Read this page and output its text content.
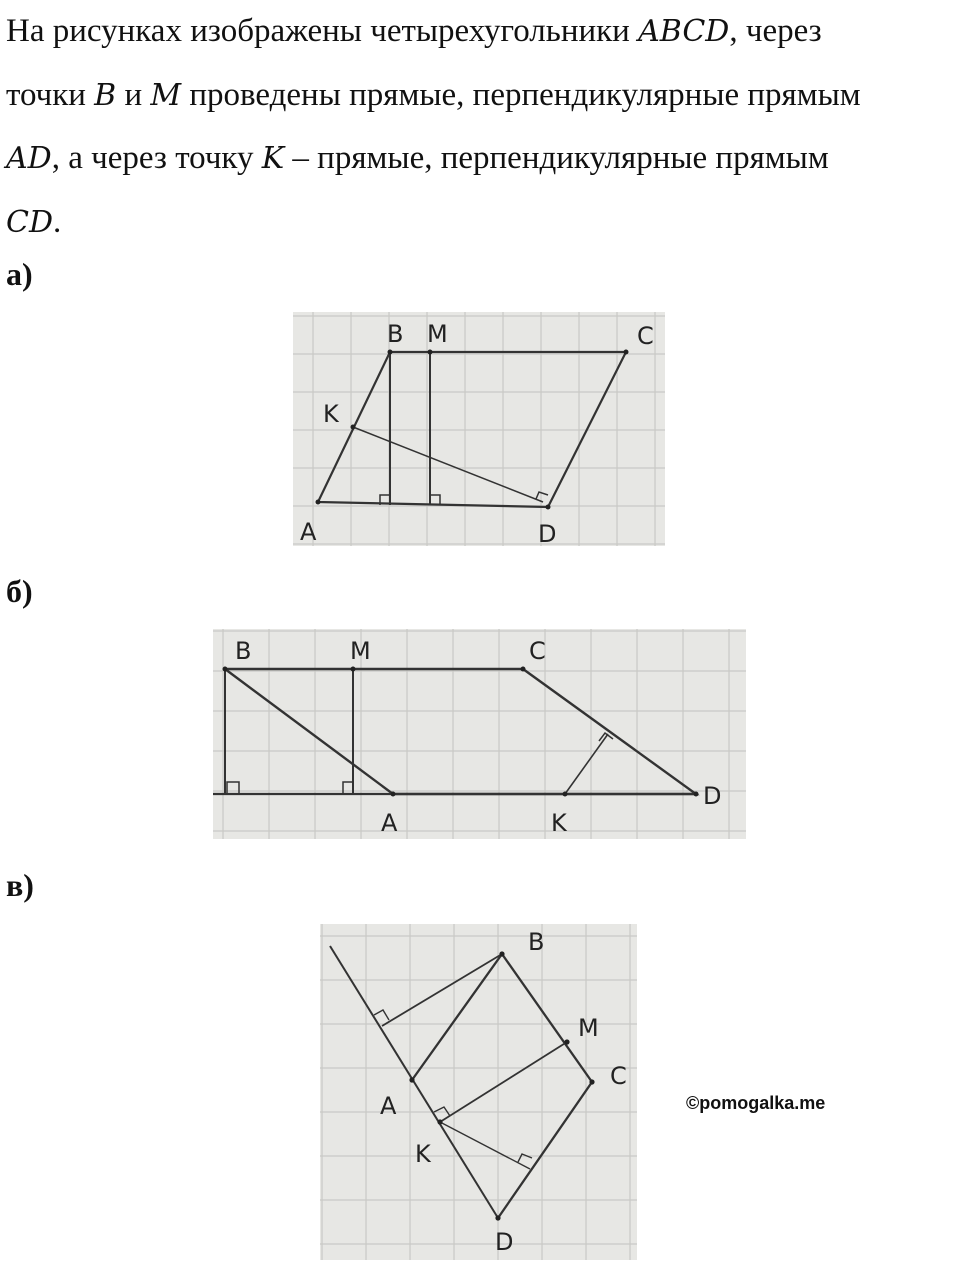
На рисунках изображены четырехугольники ABCD, через
точки B и M проведены прямые, перпендикулярные прямым
AD, а через точку K – прямые, перпендикулярные прямым
CD.
а)
B M	C
K
A	D
б)
B	M	C
D
A	K
в)
B
M
C
A
K
D
©pomogalka.me
